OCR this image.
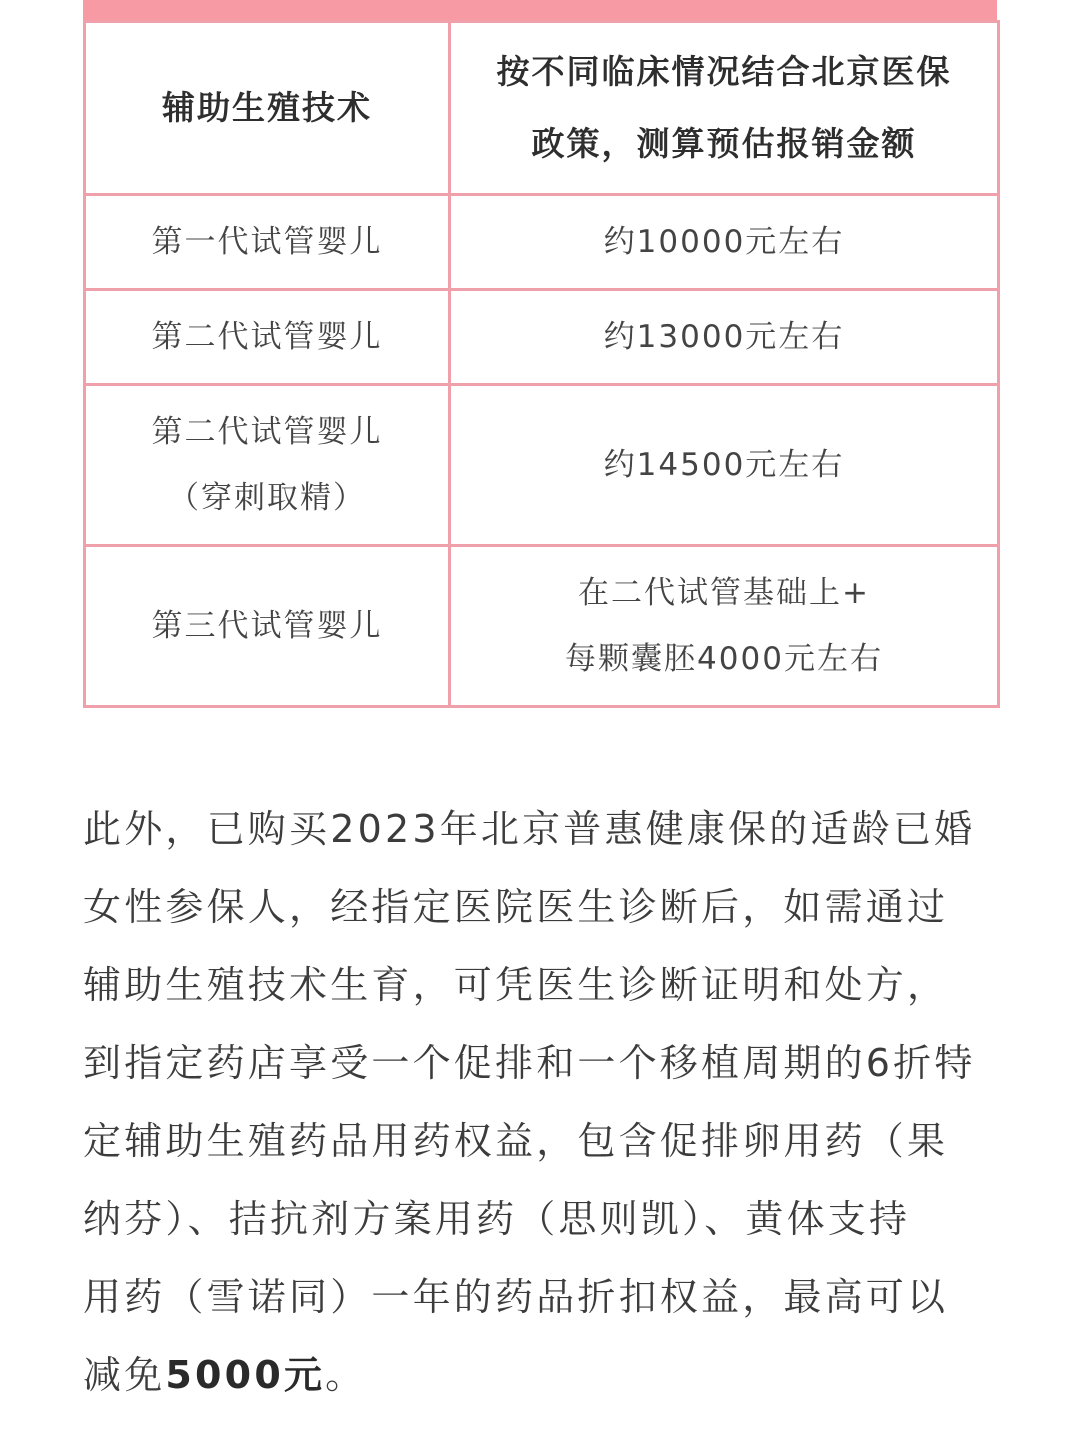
辅助生殖技术	按不同临床情况结合北京医保
政策，测算预估报销金额

第一代试管婴儿	约10000元左右

第二代试管婴儿	约13000元左右

第二代试管婴儿
（穿刺取精）	约14500元左右

第三代试管婴儿	在二代试管基础上+
每颗囊胚4000元左右

此外，已购买2023年北京普惠健康保的适龄已婚
女性参保人，经指定医院医生诊断后，如需通过
辅助生殖技术生育，可凭医生诊断证明和处方，
到指定药店享受一个促排和一个移植周期的6折特
定辅助生殖药品用药权益，包含促排卵用药（果
纳芬）、拮抗剂方案用药（思则凯）、黄体支持
用药（雪诺同）一年的药品折扣权益，最高可以
减免5000元。
